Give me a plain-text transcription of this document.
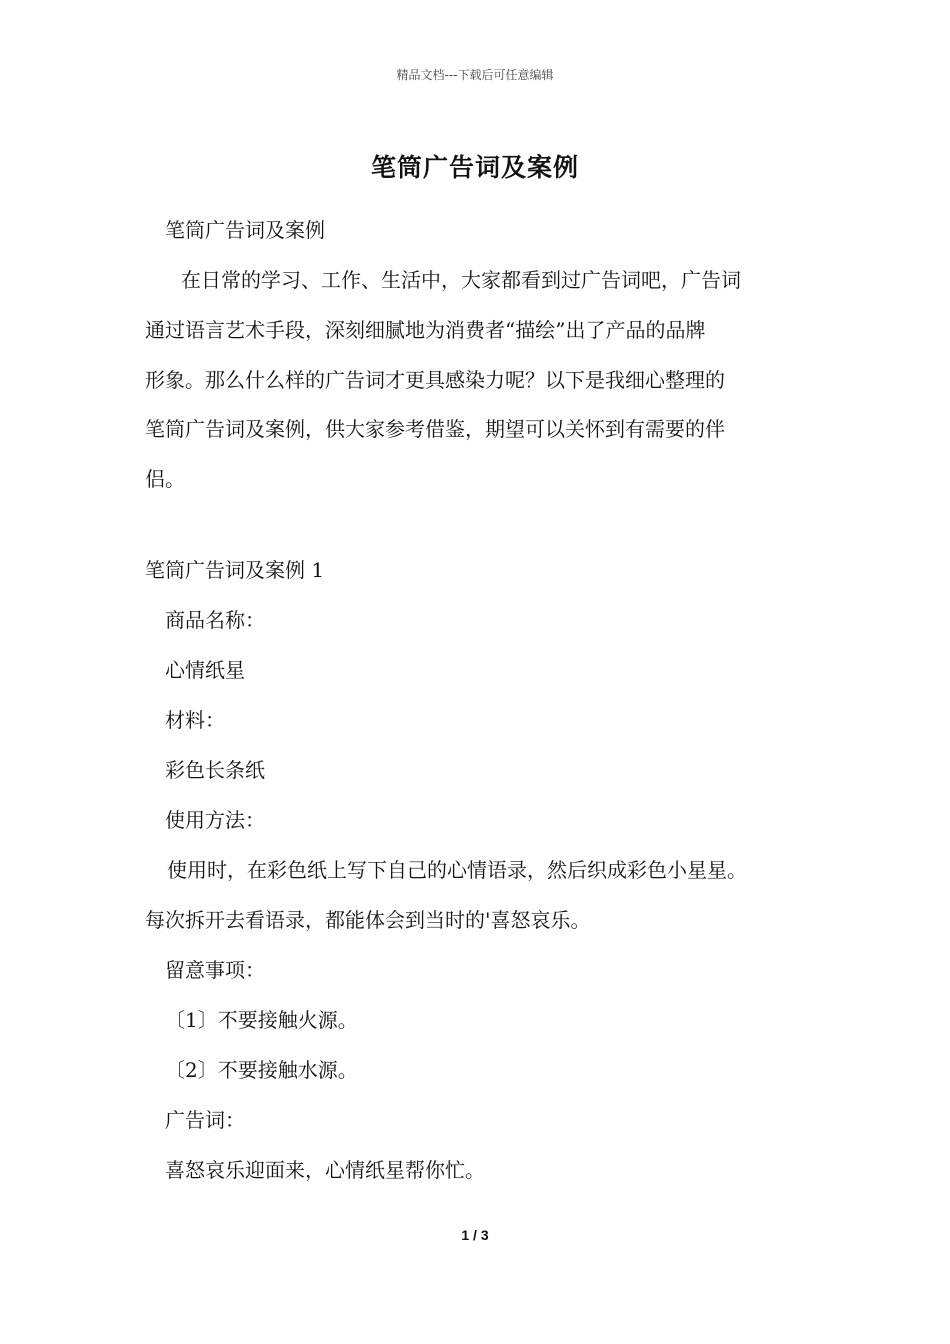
精品文档---下载后可任意编辑
笔筒广告词及案例
笔筒广告词及案例
在日常的学习、工作、生活中，大家都看到过广告词吧，广告词
通过语言艺术手段，深刻细腻地为消费者“描绘”出了产品的品牌
形象。那么什么样的广告词才更具感染力呢？以下是我细心整理的
笔筒广告词及案例，供大家参考借鉴，期望可以关怀到有需要的伴
侣。
笔筒广告词及案例 1
商品名称：
心情纸星
材料：
彩色长条纸
使用方法：
使用时，在彩色纸上写下自己的心情语录，然后织成彩色小星星。
每次拆开去看语录，都能体会到当时的'喜怒哀乐。
留意事项：
〔1〕不要接触火源。
〔2〕不要接触水源。
广告词：
喜怒哀乐迎面来，心情纸星帮你忙。
1 / 3
